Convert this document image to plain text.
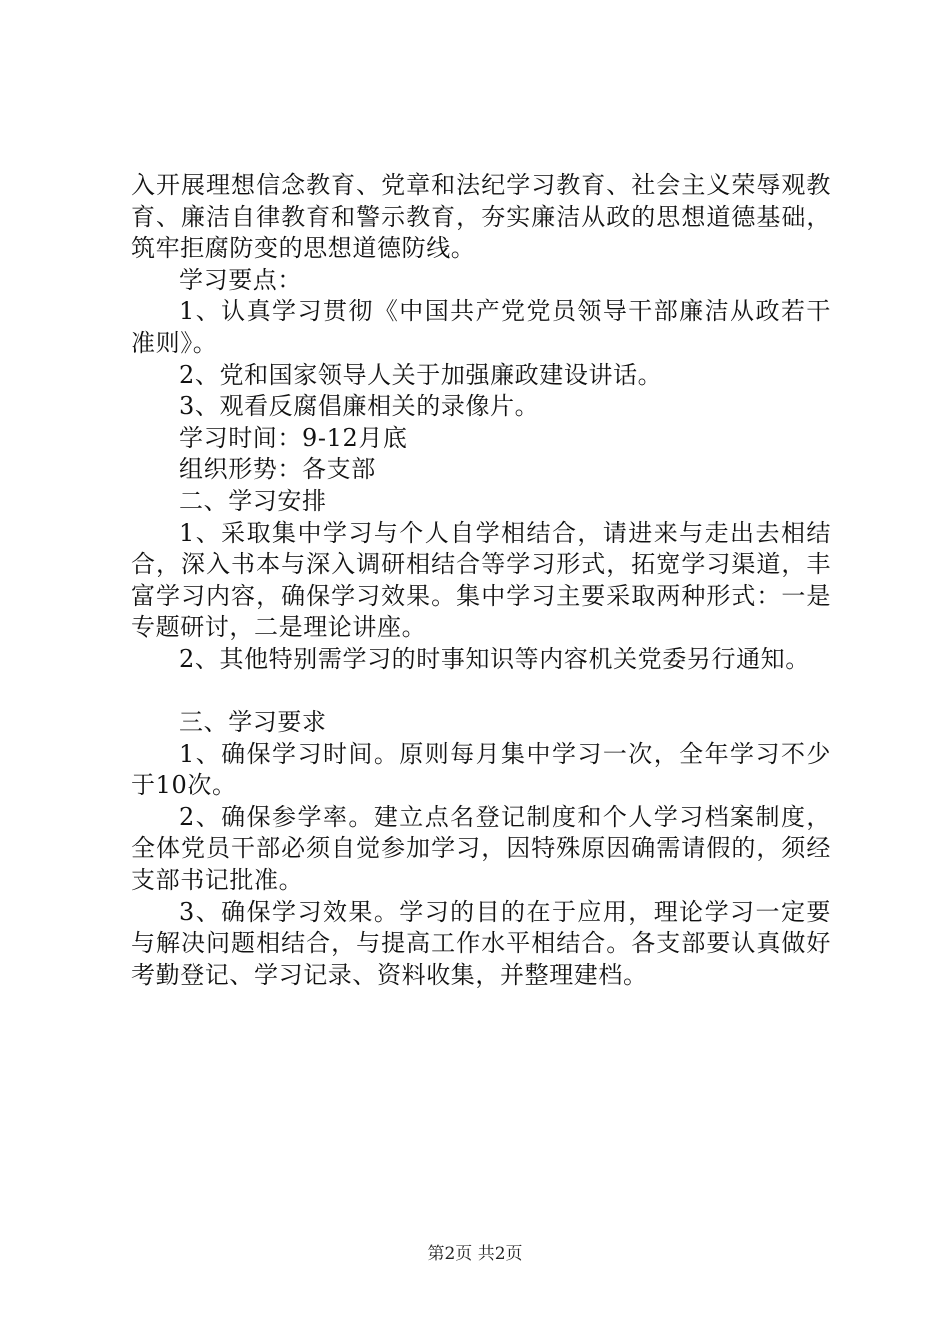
入开展理想信念教育、党章和法纪学习教育、社会主义荣辱观教育、廉洁自律教育和警示教育，夯实廉洁从政的思想道德基础，筑牢拒腐防变的思想道德防线。

学习要点：

1、认真学习贯彻《中国共产党党员领导干部廉洁从政若干准则》。

2、党和国家领导人关于加强廉政建设讲话。

3、观看反腐倡廉相关的录像片。

学习时间：9-12月底

组织形势：各支部

二、学习安排

1、采取集中学习与个人自学相结合，请进来与走出去相结合，深入书本与深入调研相结合等学习形式，拓宽学习渠道，丰富学习内容，确保学习效果。集中学习主要采取两种形式：一是专题研讨，二是理论讲座。

2、其他特别需学习的时事知识等内容机关党委另行通知。

三、学习要求

1、确保学习时间。原则每月集中学习一次，全年学习不少于10次。

2、确保参学率。建立点名登记制度和个人学习档案制度，全体党员干部必须自觉参加学习，因特殊原因确需请假的，须经支部书记批准。

3、确保学习效果。学习的目的在于应用，理论学习一定要与解决问题相结合，与提高工作水平相结合。各支部要认真做好考勤登记、学习记录、资料收集，并整理建档。

第2页 共2页
